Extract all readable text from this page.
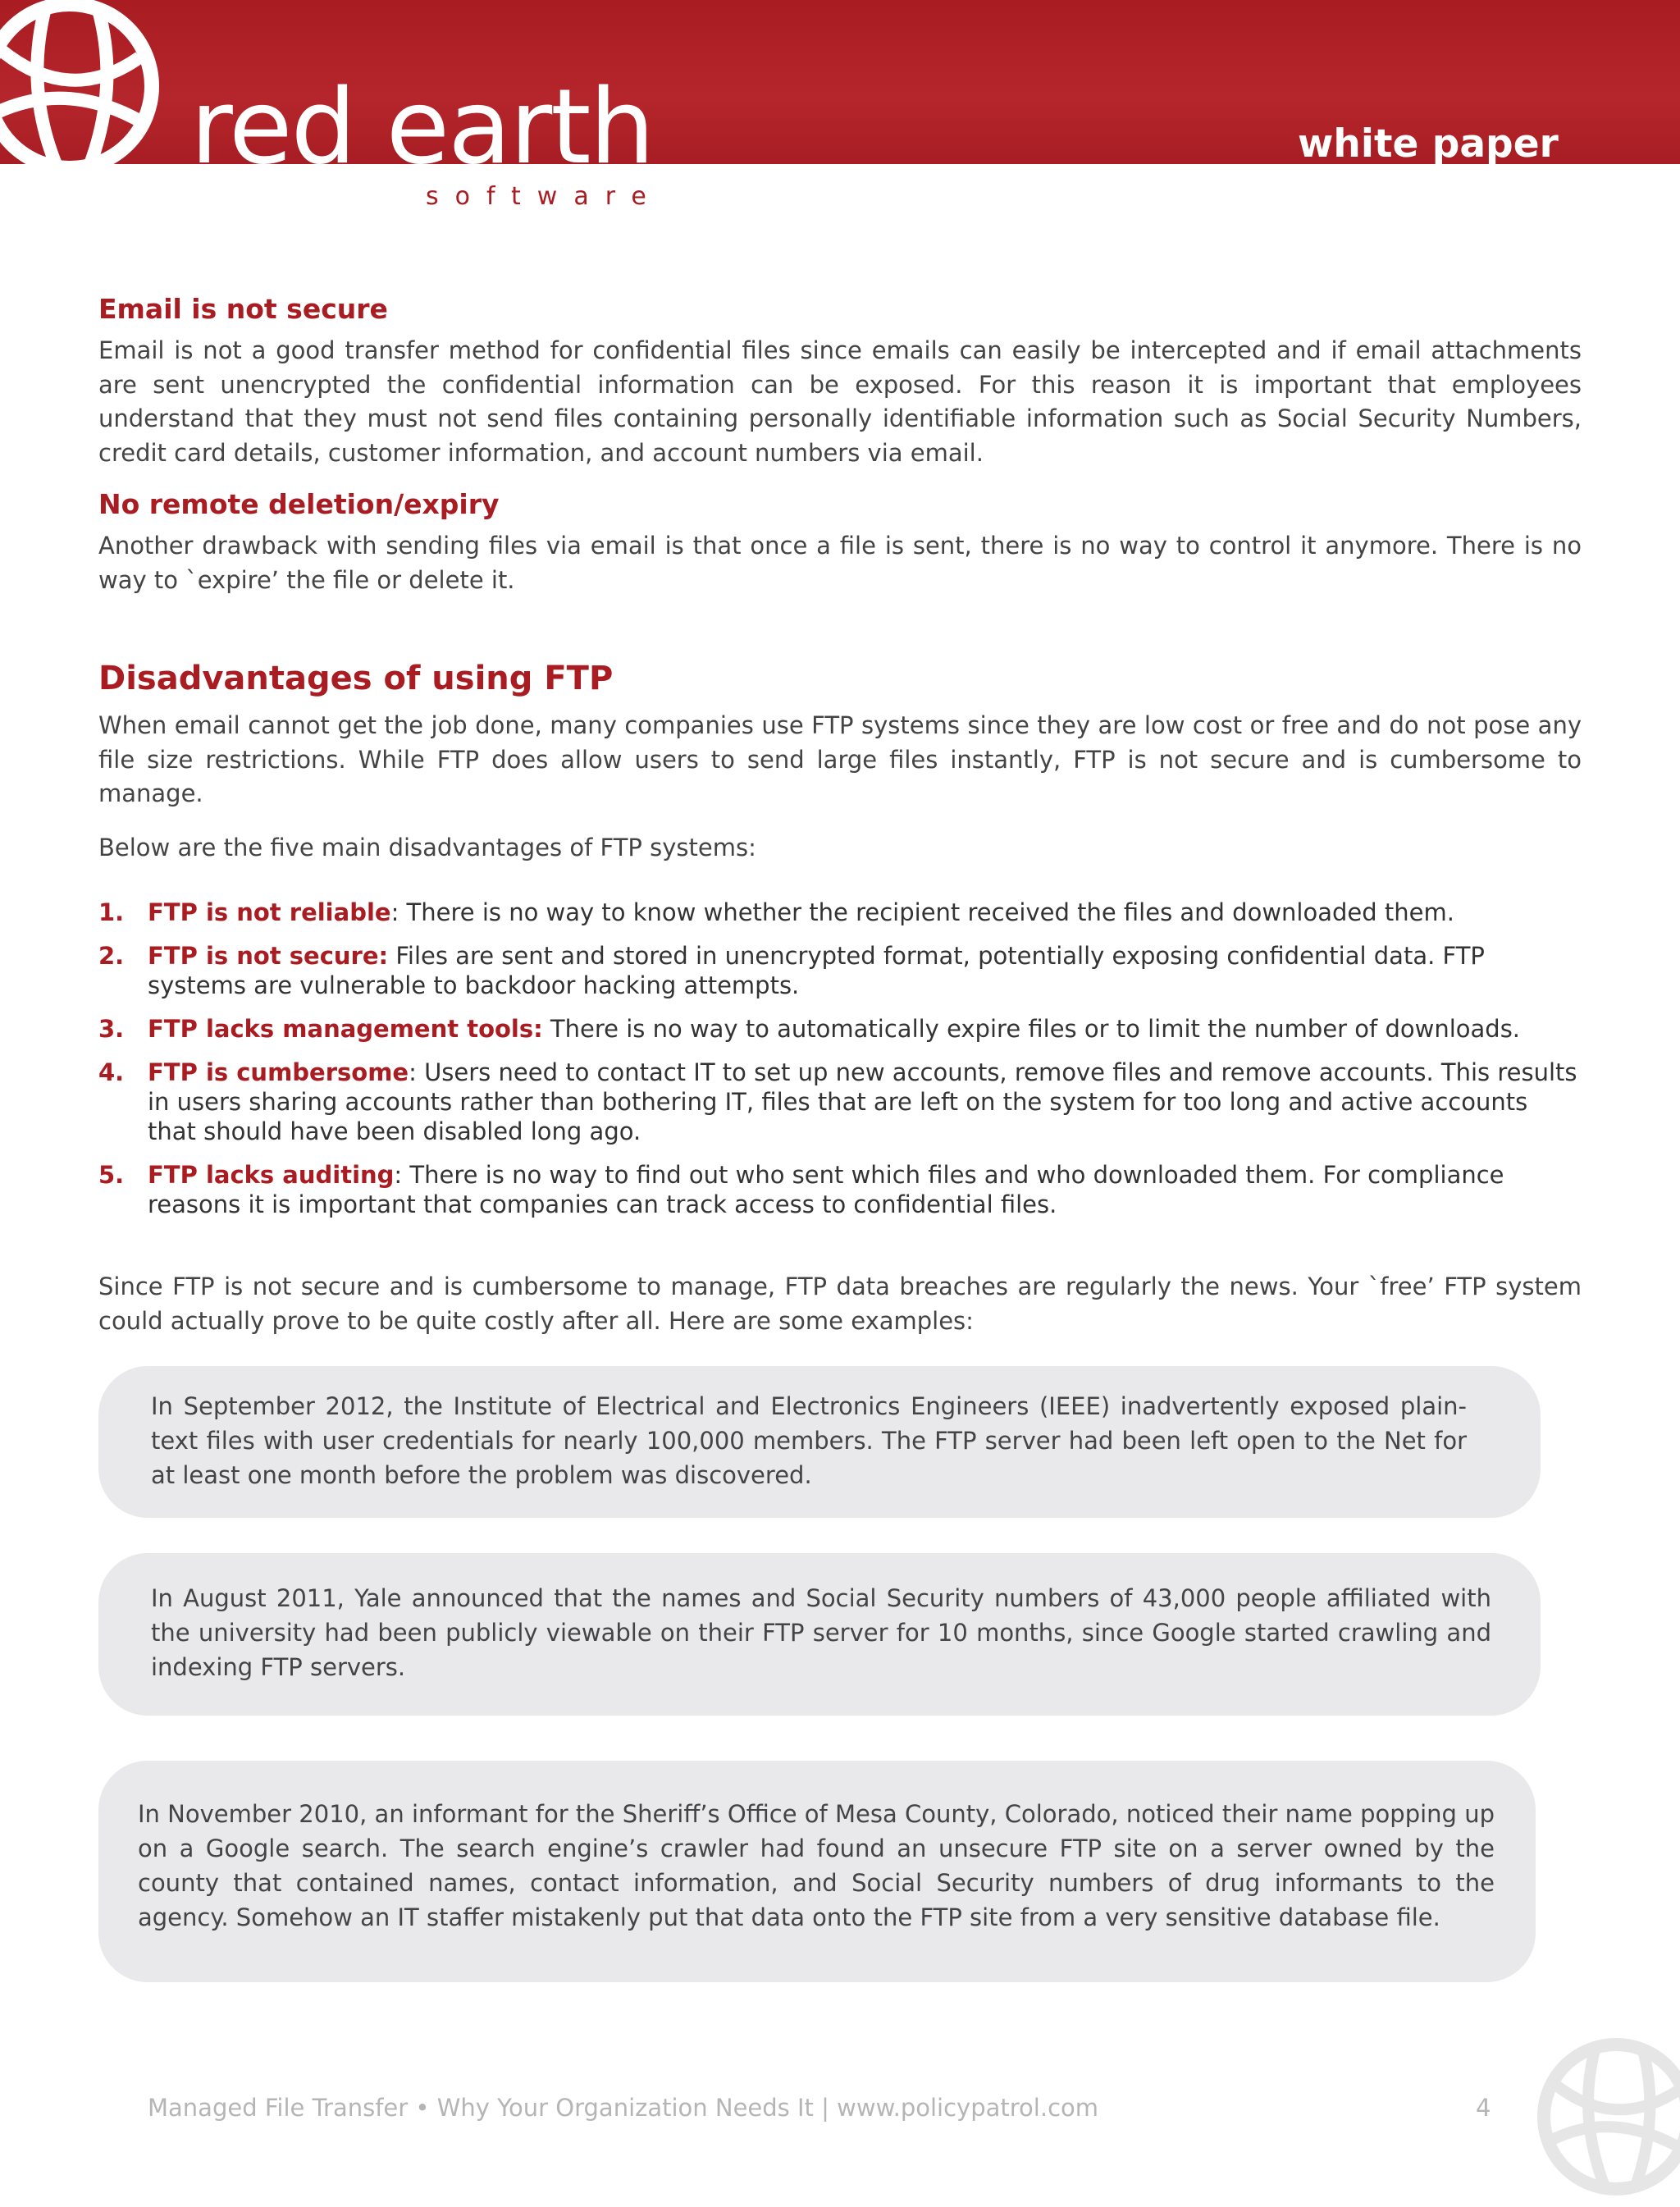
red earth
software
white paper
Email is not secure

Email is not a good transfer method for confidential files since emails can easily be intercepted and if email attachments are sent unencrypted the confidential information can be exposed. For this reason it is important that employees understand that they must not send files containing personally identifiable information such as Social Security Numbers, credit card details, customer information, and account numbers via email.

No remote deletion/expiry

Another drawback with sending files via email is that once a file is sent, there is no way to control it anymore. There is no way to `expire’ the file or delete it.

Disadvantages of using FTP

When email cannot get the job done, many companies use FTP systems since they are low cost or free and do not pose any file size restrictions. While FTP does allow users to send large files instantly, FTP is not secure and is cumbersome to manage.

Below are the five main disadvantages of FTP systems:

1. FTP is not reliable: There is no way to know whether the recipient received the files and downloaded them.
2. FTP is not secure: Files are sent and stored in unencrypted format, potentially exposing confidential data. FTP systems are vulnerable to backdoor hacking attempts.
3. FTP lacks management tools: There is no way to automatically expire files or to limit the number of downloads.
4. FTP is cumbersome: Users need to contact IT to set up new accounts, remove files and remove accounts. This results in users sharing accounts rather than bothering IT, files that are left on the system for too long and active accounts that should have been disabled long ago.
5. FTP lacks auditing: There is no way to find out who sent which files and who downloaded them. For compliance reasons it is important that companies can track access to confidential files.

Since FTP is not secure and is cumbersome to manage, FTP data breaches are regularly the news. Your `free’ FTP system could actually prove to be quite costly after all. Here are some examples:

In September 2012, the Institute of Electrical and Electronics Engineers (IEEE) inadvertently exposed plain-text files with user credentials for nearly 100,000 members. The FTP server had been left open to the Net for at least one month before the problem was discovered.

In August 2011, Yale announced that the names and Social Security numbers of 43,000 people affiliated with the university had been publicly viewable on their FTP server for 10 months, since Google started crawling and indexing FTP servers.

In November 2010, an informant for the Sheriff’s Office of Mesa County, Colorado, noticed their name popping up on a Google search. The search engine’s crawler had found an unsecure FTP site on a server owned by the county that contained names, contact information, and Social Security numbers of drug informants to the agency. Somehow an IT staffer mistakenly put that data onto the FTP site from a very sensitive database file.

Managed File Transfer • Why Your Organization Needs It | www.policypatrol.com	4
